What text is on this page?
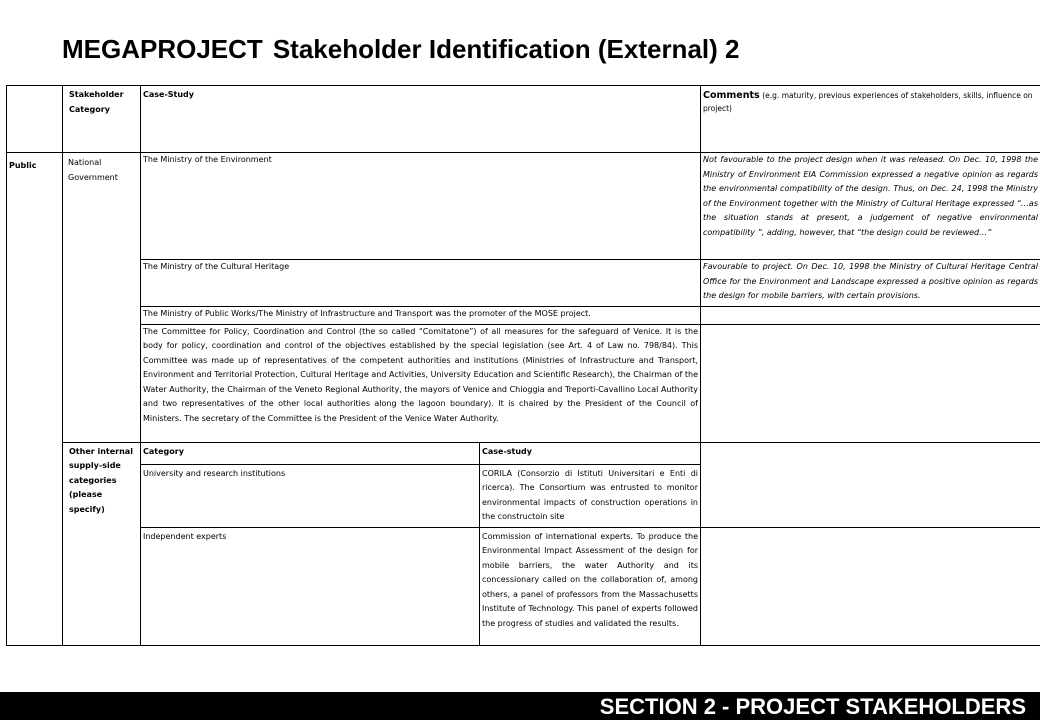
MEGAPROJECT Stakeholder Identification (External) 2
	Stakeholder Category	Case-Study		Comments (e.g. maturity, previous experiences of stakeholders, skills, influence on project)
Public	National Government	The Ministry of the Environment		Not favourable to the project design when it was released. On Dec. 10, 1998 the Ministry of Environment EIA Commission expressed a negative opinion as regards the environmental compatibility of the design. Thus, on Dec. 24, 1998 the Ministry of the Environment together with the Ministry of Cultural Heritage expressed “…as the situation stands at present, a judgement of negative environmental compatibility ”, adding, however, that “the design could be reviewed…”
		The Ministry of the Cultural Heritage		Favourable to project. On Dec. 10, 1998 the Ministry of Cultural Heritage Central Office for the Environment and Landscape expressed a positive opinion as regards the design for mobile barriers, with certain provisions.
		The Ministry of Public Works/The Ministry of Infrastructure and Transport was the promoter of the MOSE project.		
		The Committee for Policy, Coordination and Control (the so called “Comitatone”) of all measures for the safeguard of Venice. It is the body for policy, coordination and control of the objectives established by the special legislation (see Art. 4 of Law no. 798/84). This Committee was made up of representatives of the competent authorities and institutions (Ministries of Infrastructure and Transport, Environment and Territorial Protection, Cultural Heritage and Activities, University Education and Scientific Research), the Chairman of the Water Authority, the Chairman of the Veneto Regional Authority, the mayors of Venice and Chioggia and Treporti-Cavallino Local Authority and two representatives of the other local authorities along the lagoon boundary). It is chaired by the President of the Council of Ministers. The secretary of the Committee is the President of the Venice Water Authority.		
	Other internal supply-side categories (please specify)	Category	Case-study	
		University and research institutions	CORILA (Consorzio di Istituti Universitari e Enti di ricerca). The Consortium was entrusted to monitor environmental impacts of construction operations in the constructoin site	
		Independent experts	Commission of international experts. To produce the Environmental Impact Assessment of the design for mobile barriers, the water Authority and its concessionary called on the collaboration of, among others, a panel of professors from the Massachusetts Institute of Technology. This panel of experts followed the progress of studies and validated the results.	
SECTION 2 - PROJECT STAKEHOLDERS
